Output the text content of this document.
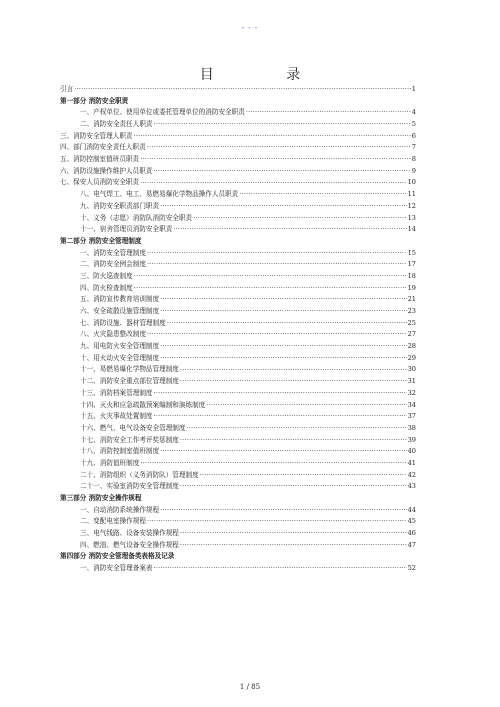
- - -
目 录
引言 ·····	1
第一部分 消防安全职责
一、产权单位、使用单位或委托管理单位的消防安全职责 ·····	4
二、消防安全责任人职责 ·····	5
三、消防安全管理人职责 ·····	6
四、部门消防安全责任人职责 ·····	7
五、消防控制室值班员职责 ·····	8
六、消防设施操作维护人员职责 ·····	9
七、保安人员消防安全职责 ·····	10
八、电气焊工、电工、易燃易爆化学物品操作人员职责 ·····	11
九、消防安全职责部门职责 ·····	12
十、义务（志愿）消防队消防安全职责 ·····	13
十一、宿舍管理员消防安全职责 ·····	14
第二部分 消防安全管理制度
一、消防安全管理制度 ·····	15
二、消防安全例会制度 ·····	17
三、防火巡查制度 ·····	18
四、防火检查制度 ·····	19
五、消防宣传教育培训制度 ·····	21
六、安全疏散设施管理制度 ·····	23
七、消防设施、器材管理制度 ·····	25
八、火灾隐患整改制度 ·····	27
九、用电防火安全管理制度 ·····	28
十、用火动火安全管理制度 ·····	29
十一、易燃易爆化学物品管理制度 ·····	30
十二、消防安全重点部位管理制度 ·····	31
十三、消防档案管理制度 ·····	32
十四、灭火和应急疏散预案编制和演练制度 ·····	34
十五、火灾事故处置制度 ·····	37
十六、燃气、电气设备安全管理制度 ·····	38
十七、消防安全工作考评奖惩制度 ·····	39
十八、消防控制室值班制度 ·····	40
十九、消防值班制度 ·····	41
二十、消防组织（义务消防队）管理制度 ·····	42
二十一、实验室消防安全管理制度 ·····	43
第三部分 消防安全操作规程
一、自动消防系统操作规程 ·····	44
二、变配电室操作规程 ·····	45
三、电气线路、设备安装操作规程 ·····	46
四、燃油、燃气设备安全操作规程 ·····	47
第四部分 消防安全管理备类表格及记录
一、消防安全管理备案表 ·····	52
1 / 85
